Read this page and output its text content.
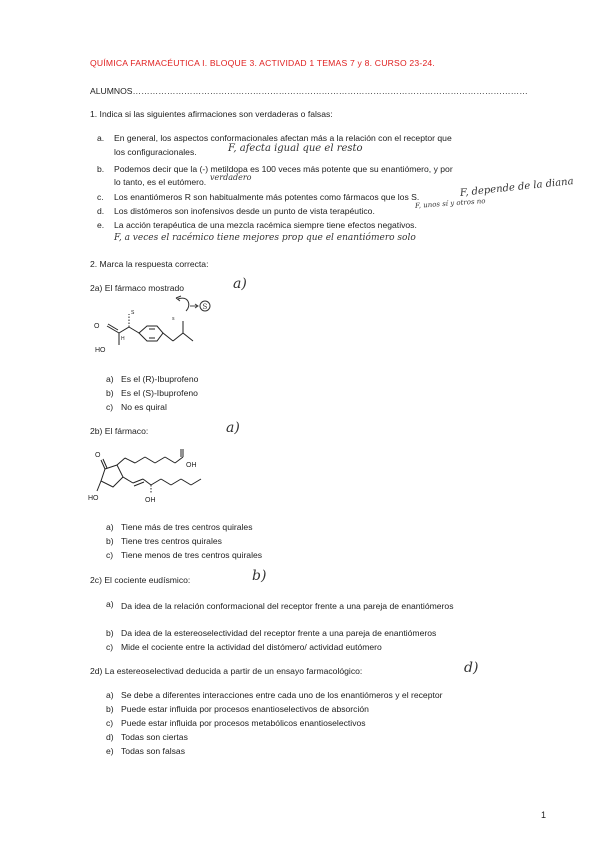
QUÍMICA FARMACÉUTICA I. BLOQUE 3. ACTIVIDAD 1 TEMAS 7 y 8. CURSO 23-24.
ALUMNOS…………………………………………………………………………………………………………………………
1. Indica si las siguientes afirmaciones son verdaderas o falsas:
a. En general, los aspectos conformacionales afectan más a la relación con el receptor que
los configuracionales.	F, afecta igual que el resto
b. Podemos decir que la (-) metildopa es 100 veces más potente que su enantiómero, y por
lo tanto, es el eutómero. verdadero
c. Los enantiómeros R son habitualmente más potentes como fármacos que los S.	F, depende de la diana
d. Los distómeros son inofensivos desde un punto de vista terapéutico.
F, unos sí y otros no
e. La acción terapéutica de una mezcla racémica siempre tiene efectos negativos.
F, a veces el racémico tiene mejores prop que el enantiómero solo
2. Marca la respuesta correcta:
2a) El fármaco mostrado	a)
S
s
O
HO
H
S
a) Es el (R)-Ibuprofeno
b) Es el (S)-Ibuprofeno
c) No es quiral
2b) El fármaco:	a)
O
OH
HO	OH
a) Tiene más de tres centros quirales
b) Tiene tres centros quirales
c) Tiene menos de tres centros quirales
2c) El cociente eudísmico:	b)
a) Da idea de la relación conformacional del receptor frente a una pareja de enantiómeros
b) Da idea de la estereoselectividad del receptor frente a una pareja de enantiómeros
c) Mide el cociente entre la actividad del distómero/ actividad eutómero
2d) La estereoselectivad deducida a partir de un ensayo farmacológico:	d)
a) Se debe a diferentes interacciones entre cada uno de los enantiómeros y el receptor
b) Puede estar influida por procesos enantioselectivos de absorción
c) Puede estar influida por procesos metabólicos enantioselectivos
d) Todas son ciertas
e) Todas son falsas
1
